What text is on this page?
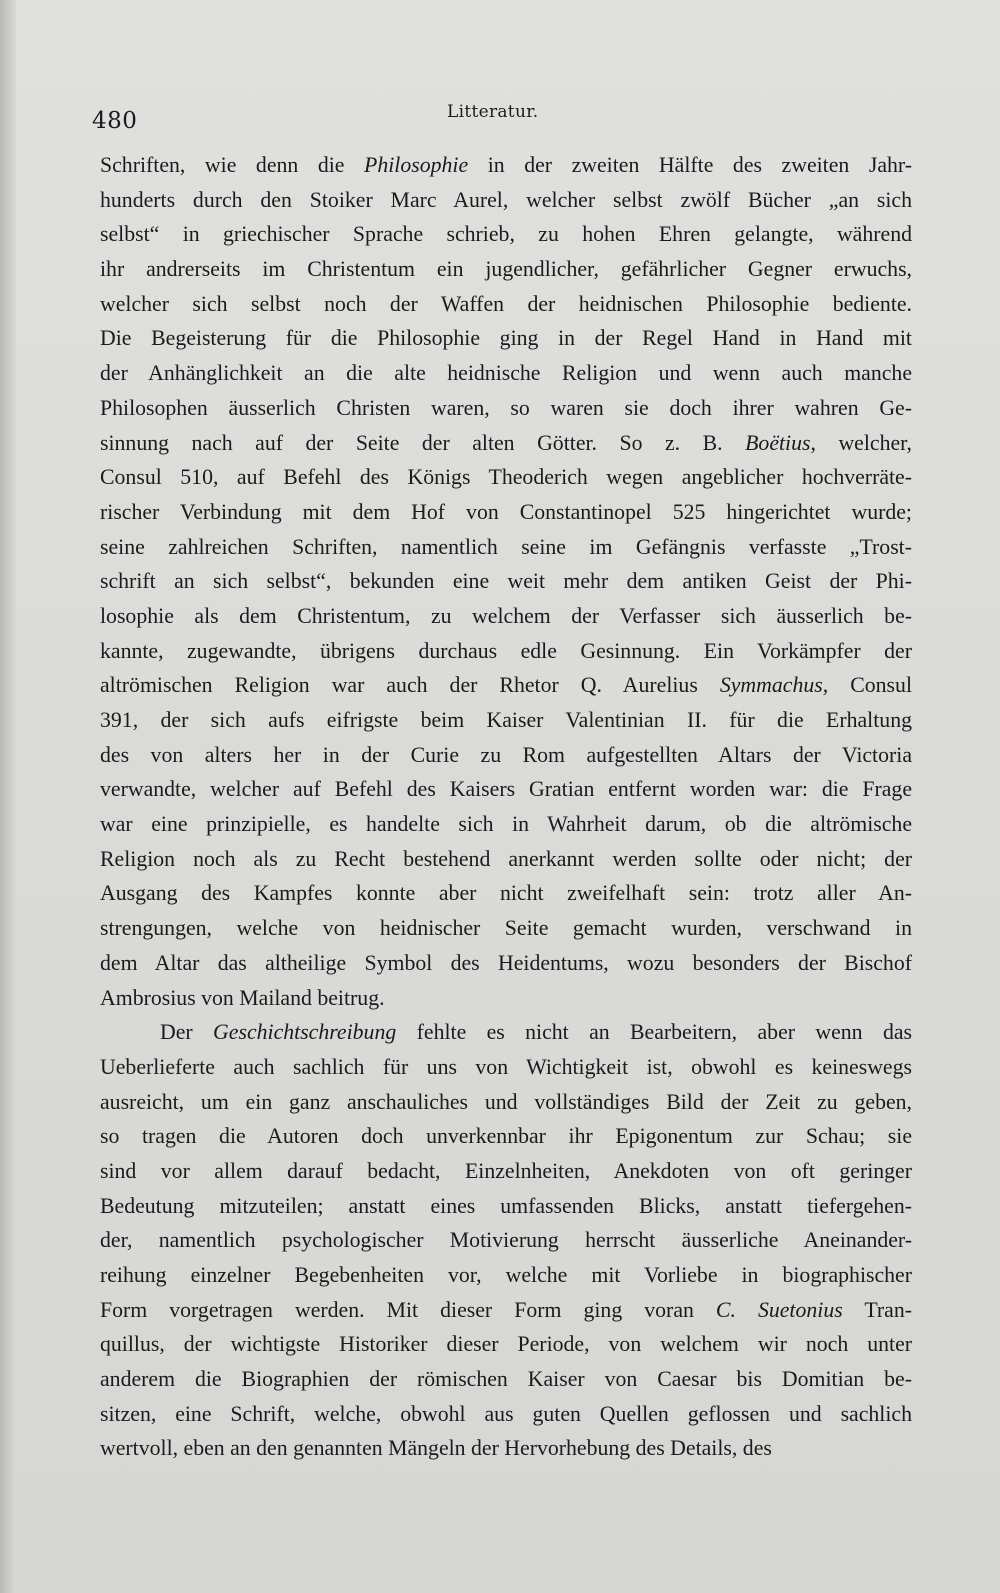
480	Litteratur.
Schriften, wie denn die Philosophie in der zweiten Hälfte des zweiten Jahr-
hunderts durch den Stoiker Marc Aurel, welcher selbst zwölf Bücher „an sich
selbst“ in griechischer Sprache schrieb, zu hohen Ehren gelangte, während
ihr andrerseits im Christentum ein jugendlicher, gefährlicher Gegner erwuchs,
welcher sich selbst noch der Waffen der heidnischen Philosophie bediente.
Die Begeisterung für die Philosophie ging in der Regel Hand in Hand mit
der Anhänglichkeit an die alte heidnische Religion und wenn auch manche
Philosophen äusserlich Christen waren, so waren sie doch ihrer wahren Ge-
sinnung nach auf der Seite der alten Götter. So z. B. Boëtius, welcher,
Consul 510, auf Befehl des Königs Theoderich wegen angeblicher hochverräte-
rischer Verbindung mit dem Hof von Constantinopel 525 hingerichtet wurde;
seine zahlreichen Schriften, namentlich seine im Gefängnis verfasste „Trost-
schrift an sich selbst“, bekunden eine weit mehr dem antiken Geist der Phi-
losophie als dem Christentum, zu welchem der Verfasser sich äusserlich be-
kannte, zugewandte, übrigens durchaus edle Gesinnung. Ein Vorkämpfer der
altrömischen Religion war auch der Rhetor Q. Aurelius Symmachus, Consul
391, der sich aufs eifrigste beim Kaiser Valentinian II. für die Erhaltung
des von alters her in der Curie zu Rom aufgestellten Altars der Victoria
verwandte, welcher auf Befehl des Kaisers Gratian entfernt worden war: die Frage
war eine prinzipielle, es handelte sich in Wahrheit darum, ob die altrömische
Religion noch als zu Recht bestehend anerkannt werden sollte oder nicht; der
Ausgang des Kampfes konnte aber nicht zweifelhaft sein: trotz aller An-
strengungen, welche von heidnischer Seite gemacht wurden, verschwand in
dem Altar das altheilige Symbol des Heidentums, wozu besonders der Bischof
Ambrosius von Mailand beitrug.
Der Geschichtschreibung fehlte es nicht an Bearbeitern, aber wenn das
Ueberlieferte auch sachlich für uns von Wichtigkeit ist, obwohl es keineswegs
ausreicht, um ein ganz anschauliches und vollständiges Bild der Zeit zu geben,
so tragen die Autoren doch unverkennbar ihr Epigonentum zur Schau; sie
sind vor allem darauf bedacht, Einzelnheiten, Anekdoten von oft geringer
Bedeutung mitzuteilen; anstatt eines umfassenden Blicks, anstatt tiefergehen-
der, namentlich psychologischer Motivierung herrscht äusserliche Aneinander-
reihung einzelner Begebenheiten vor, welche mit Vorliebe in biographischer
Form vorgetragen werden. Mit dieser Form ging voran C. Suetonius Tran-
quillus, der wichtigste Historiker dieser Periode, von welchem wir noch unter
anderem die Biographien der römischen Kaiser von Caesar bis Domitian be-
sitzen, eine Schrift, welche, obwohl aus guten Quellen geflossen und sachlich
wertvoll, eben an den genannten Mängeln der Hervorhebung des Details, des
